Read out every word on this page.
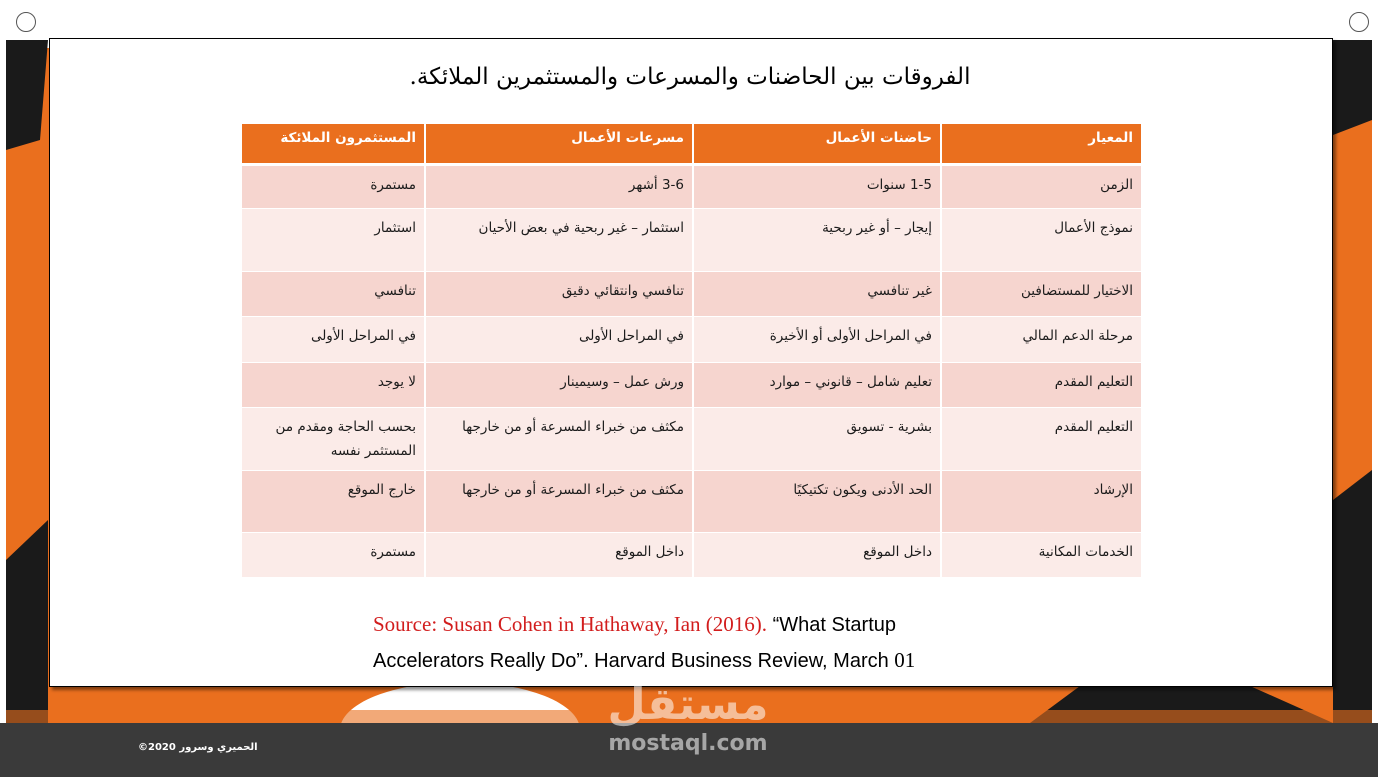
الفروقات بين الحاضنات والمسرعات والمستثمرين الملائكة.
المعيار	حاضنات الأعمال	مسرعات الأعمال	المستثمرون الملائكة
الزمن	1-5 سنوات	3-6 أشهر	مستمرة
نموذج الأعمال	إيجار – أو غير ربحية	استثمار – غير ربحية في بعض الأحيان	استثمار
الاختيار للمستضافين	غير تنافسي	تنافسي وانتقائي دقيق	تنافسي
مرحلة الدعم المالي	في المراحل الأولى أو الأخيرة	في المراحل الأولى	في المراحل الأولى
التعليم المقدم	تعليم شامل – قانوني – موارد	ورش عمل – وسيمينار	لا يوجد
التعليم المقدم	بشرية - تسويق	مكثف من خبراء المسرعة أو من خارجها	بحسب الحاجة ومقدم من المستثمر نفسه
الإرشاد	الحد الأدنى ويكون تكتيكيًا	مكثف من خبراء المسرعة أو من خارجها	خارج الموقع
الخدمات المكانية	داخل الموقع	داخل الموقع	مستمرة
Source: Susan Cohen in Hathaway, Ian (2016). “What Startup
Accelerators Really Do”. Harvard Business Review, March 01
©الحميري وسرور 2020
مستقل
mostaql.com
